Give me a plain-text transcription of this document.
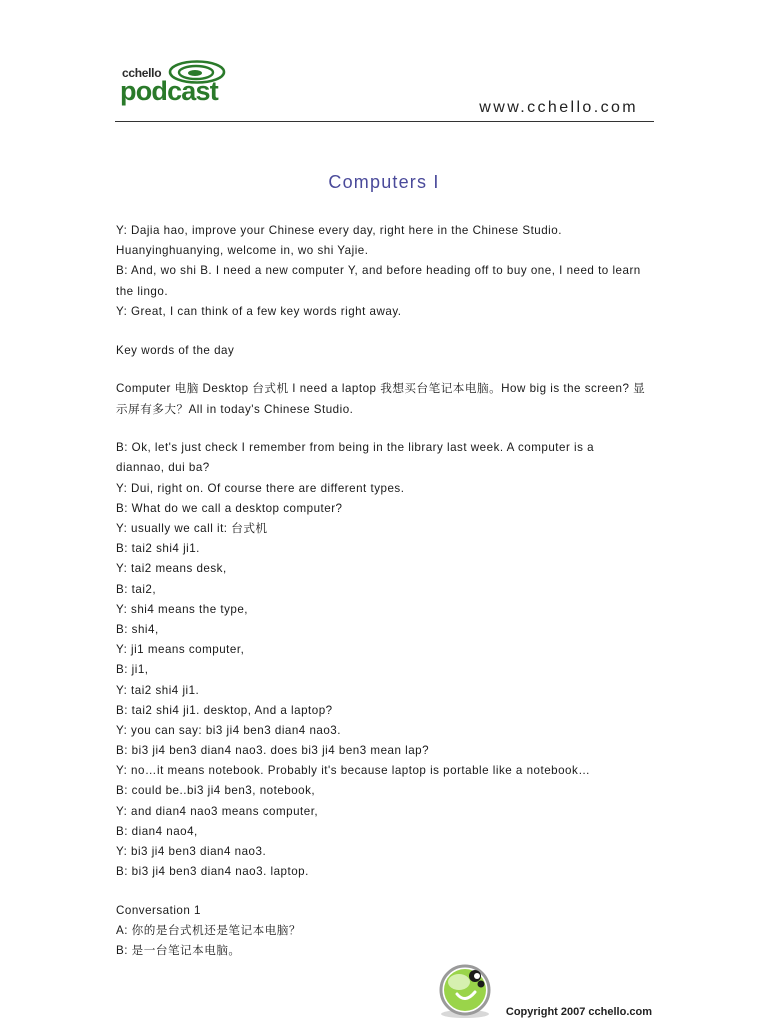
cchello
podcast
www.cchello.com
Computers I
Y: Dajia hao, improve your Chinese every day, right here in the Chinese Studio.
Huanyinghuanying, welcome in, wo shi Yajie.
B: And, wo shi B. I need a new computer Y, and before heading off to buy one, I need to learn
the lingo.
Y: Great, I can think of a few key words right away.
Key words of the day
Computer 电脑 Desktop 台式机 I need a laptop 我想买台笔记本电脑。How big is the screen? 显
示屏有多大？All in today's Chinese Studio.
B: Ok, let's just check I remember from being in the library last week. A computer is a
diannao, dui ba?
Y: Dui, right on. Of course there are different types.
B: What do we call a desktop computer?
Y: usually we call it: 台式机
B: tai2 shi4 ji1.
Y: tai2 means desk,
B: tai2,
Y: shi4 means the type,
B: shi4,
Y: ji1 means computer,
B: ji1,
Y: tai2 shi4 ji1.
B: tai2 shi4 ji1. desktop, And a laptop?
Y: you can say: bi3 ji4 ben3 dian4 nao3.
B: bi3 ji4 ben3 dian4 nao3. does bi3 ji4 ben3 mean lap?
Y: no…it means notebook. Probably it's because laptop is portable like a notebook…
B: could be..bi3 ji4 ben3, notebook,
Y: and dian4 nao3 means computer,
B: dian4 nao4,
Y: bi3 ji4 ben3 dian4 nao3.
B: bi3 ji4 ben3 dian4 nao3. laptop.
Conversation 1
A: 你的是台式机还是笔记本电脑？
B: 是一台笔记本电脑。
Copyright 2007 cchello.com
